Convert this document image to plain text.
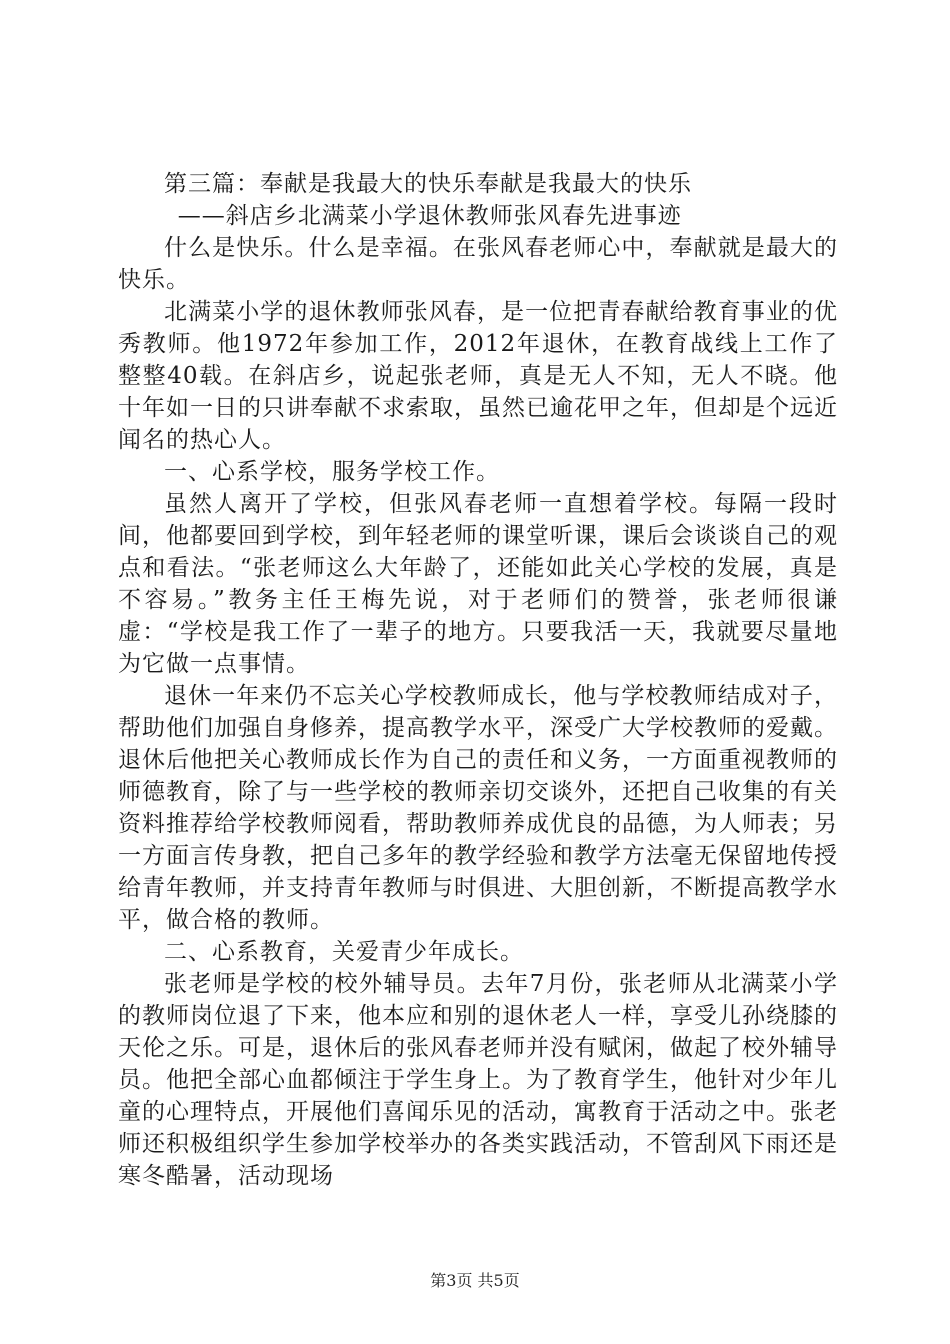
第三篇：奉献是我最大的快乐奉献是我最大的快乐

——斜店乡北满菜小学退休教师张风春先进事迹

什么是快乐。什么是幸福。在张风春老师心中，奉献就是最大的快乐。

北满菜小学的退休教师张风春，是一位把青春献给教育事业的优秀教师。他1972年参加工作，2012年退休，在教育战线上工作了整整40载。在斜店乡，说起张老师，真是无人不知，无人不晓。他十年如一日的只讲奉献不求索取，虽然已逾花甲之年，但却是个远近闻名的热心人。

一、心系学校，服务学校工作。

虽然人离开了学校，但张风春老师一直想着学校。每隔一段时间，他都要回到学校，到年轻老师的课堂听课，课后会谈谈自己的观点和看法。“张老师这么大年龄了，还能如此关心学校的发展，真是不容易。”教务主任王梅先说，对于老师们的赞誉，张老师很谦虚：“学校是我工作了一辈子的地方。只要我活一天，我就要尽量地为它做一点事情。

退休一年来仍不忘关心学校教师成长，他与学校教师结成对子，帮助他们加强自身修养，提高教学水平，深受广大学校教师的爱戴。退休后他把关心教师成长作为自己的责任和义务，一方面重视教师的师德教育，除了与一些学校的教师亲切交谈外，还把自己收集的有关资料推荐给学校教师阅看，帮助教师养成优良的品德，为人师表；另一方面言传身教，把自己多年的教学经验和教学方法毫无保留地传授给青年教师，并支持青年教师与时俱进、大胆创新，不断提高教学水平，做合格的教师。

二、心系教育，关爱青少年成长。

张老师是学校的校外辅导员。去年7月份，张老师从北满菜小学的教师岗位退了下来，他本应和别的退休老人一样，享受儿孙绕膝的天伦之乐。可是，退休后的张风春老师并没有赋闲，做起了校外辅导员。他把全部心血都倾注于学生身上。为了教育学生，他针对少年儿童的心理特点，开展他们喜闻乐见的活动，寓教育于活动之中。张老师还积极组织学生参加学校举办的各类实践活动，不管刮风下雨还是寒冬酷暑，活动现场

第3页 共5页
